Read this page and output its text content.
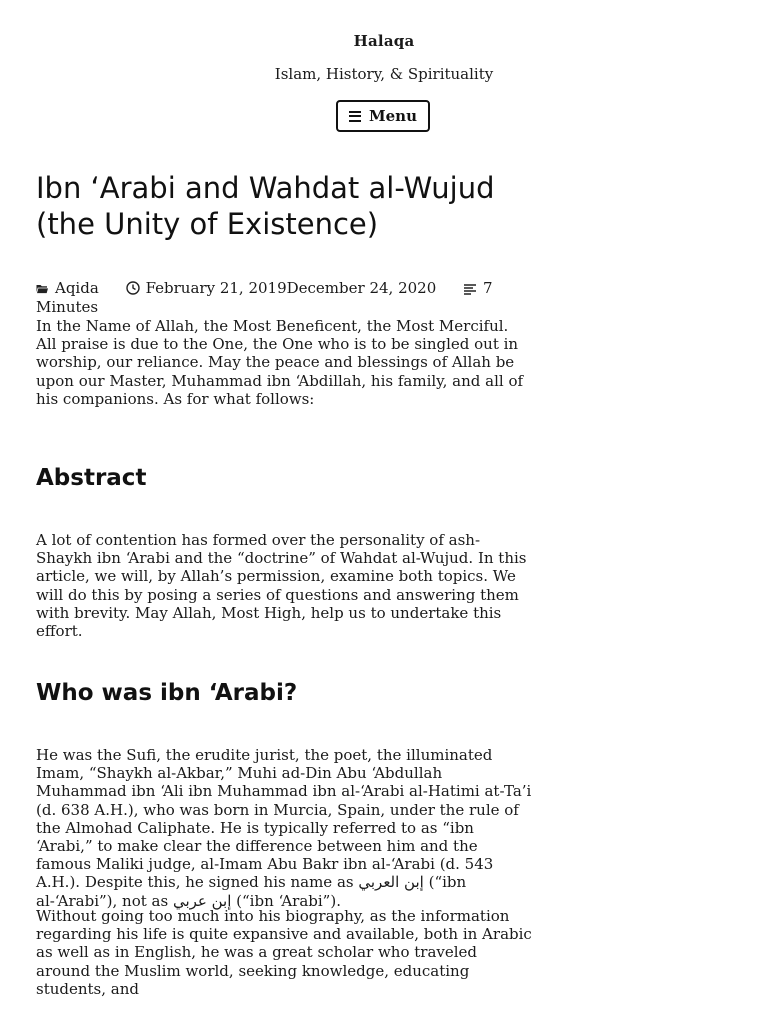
Halaqa
Islam, History, & Spirituality
Menu
Ibn ‘Arabi and Wahdat al-Wujud (the Unity of Existence)
Aqida	February 21, 2019December 24, 2020	7 Minutes

In the Name of Allah, the Most Beneficent, the Most Merciful. All praise is due to the One, the One who is to be singled out in worship, our reliance. May the peace and blessings of Allah be upon our Master, Muhammad ibn ‘Abdillah, his family, and all of his companions. As for what follows:

Abstract

A lot of contention has formed over the personality of ash-Shaykh ibn ‘Arabi and the “doctrine” of Wahdat al-Wujud. In this article, we will, by Allah’s permission, examine both topics. We will do this by posing a series of questions and answering them with brevity. May Allah, Most High, help us to undertake this effort.

Who was ibn ‘Arabi?

He was the Sufi, the erudite jurist, the poet, the illuminated Imam, “Shaykh al-Akbar,” Muhi ad-Din Abu ‘Abdullah Muhammad ibn ‘Ali ibn Muhammad ibn al-‘Arabi al-Hatimi at-Ta’i (d. 638 A.H.), who was born in Murcia, Spain, under the rule of the Almohad Caliphate. He is typically referred to as “ibn ‘Arabi,” to make clear the difference between him and the famous Maliki judge, al-Imam Abu Bakr ibn al-‘Arabi (d. 543 A.H.). Despite this, he signed his name as إبن العربي (“ibn al-‘Arabi”), not as إبن عربي (“ibn ‘Arabi”).

Without going too much into his biography, as the information regarding his life is quite expansive and available, both in Arabic as well as in English, he was a great scholar who traveled around the Muslim world, seeking knowledge, educating students, and
